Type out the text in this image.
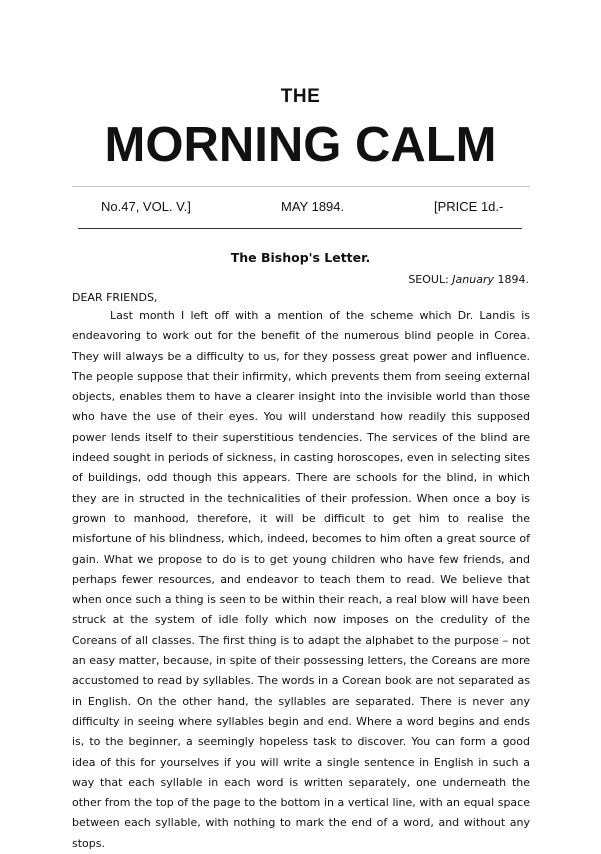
THE
MORNING CALM
No.47, VOL. V.]	MAY 1894.	[PRICE 1d.-
The Bishop's Letter.
SEOUL: January 1894.
DEAR FRIENDS,

Last month I left off with a mention of the scheme which Dr. Landis is endeavoring to work out for the benefit of the numerous blind people in Corea. They will always be a difficulty to us, for they possess great power and influence. The people suppose that their infirmity, which prevents them from seeing external objects, enables them to have a clearer insight into the invisible world than those who have the use of their eyes. You will understand how readily this supposed power lends itself to their superstitious tendencies. The services of the blind are indeed sought in periods of sickness, in casting horoscopes, even in selecting sites of buildings, odd though this appears. There are schools for the blind, in which they are in structed in the technicalities of their profession. When once a boy is grown to manhood, therefore, it will be difficult to get him to realise the misfortune of his blindness, which, indeed, becomes to him often a great source of gain. What we propose to do is to get young children who have few friends, and perhaps fewer resources, and endeavor to teach them to read. We believe that when once such a thing is seen to be within their reach, a real blow will have been struck at the system of idle folly which now imposes on the credulity of the Coreans of all classes. The first thing is to adapt the alphabet to the purpose – not an easy matter, because, in spite of their possessing letters, the Coreans are more accustomed to read by syllables. The words in a Corean book are not separated as in English. On the other hand, the syllables are separated. There is never any difficulty in seeing where syllables begin and end. Where a word begins and ends is, to the beginner, a seemingly hopeless task to discover. You can form a good idea of this for yourselves if you will write a single sentence in English in such a way that each syllable in each word is written separately, one underneath the other from the top of the page to the bottom in a vertical line, with an equal space between each syllable, with nothing to mark the end of a word, and without any stops.
